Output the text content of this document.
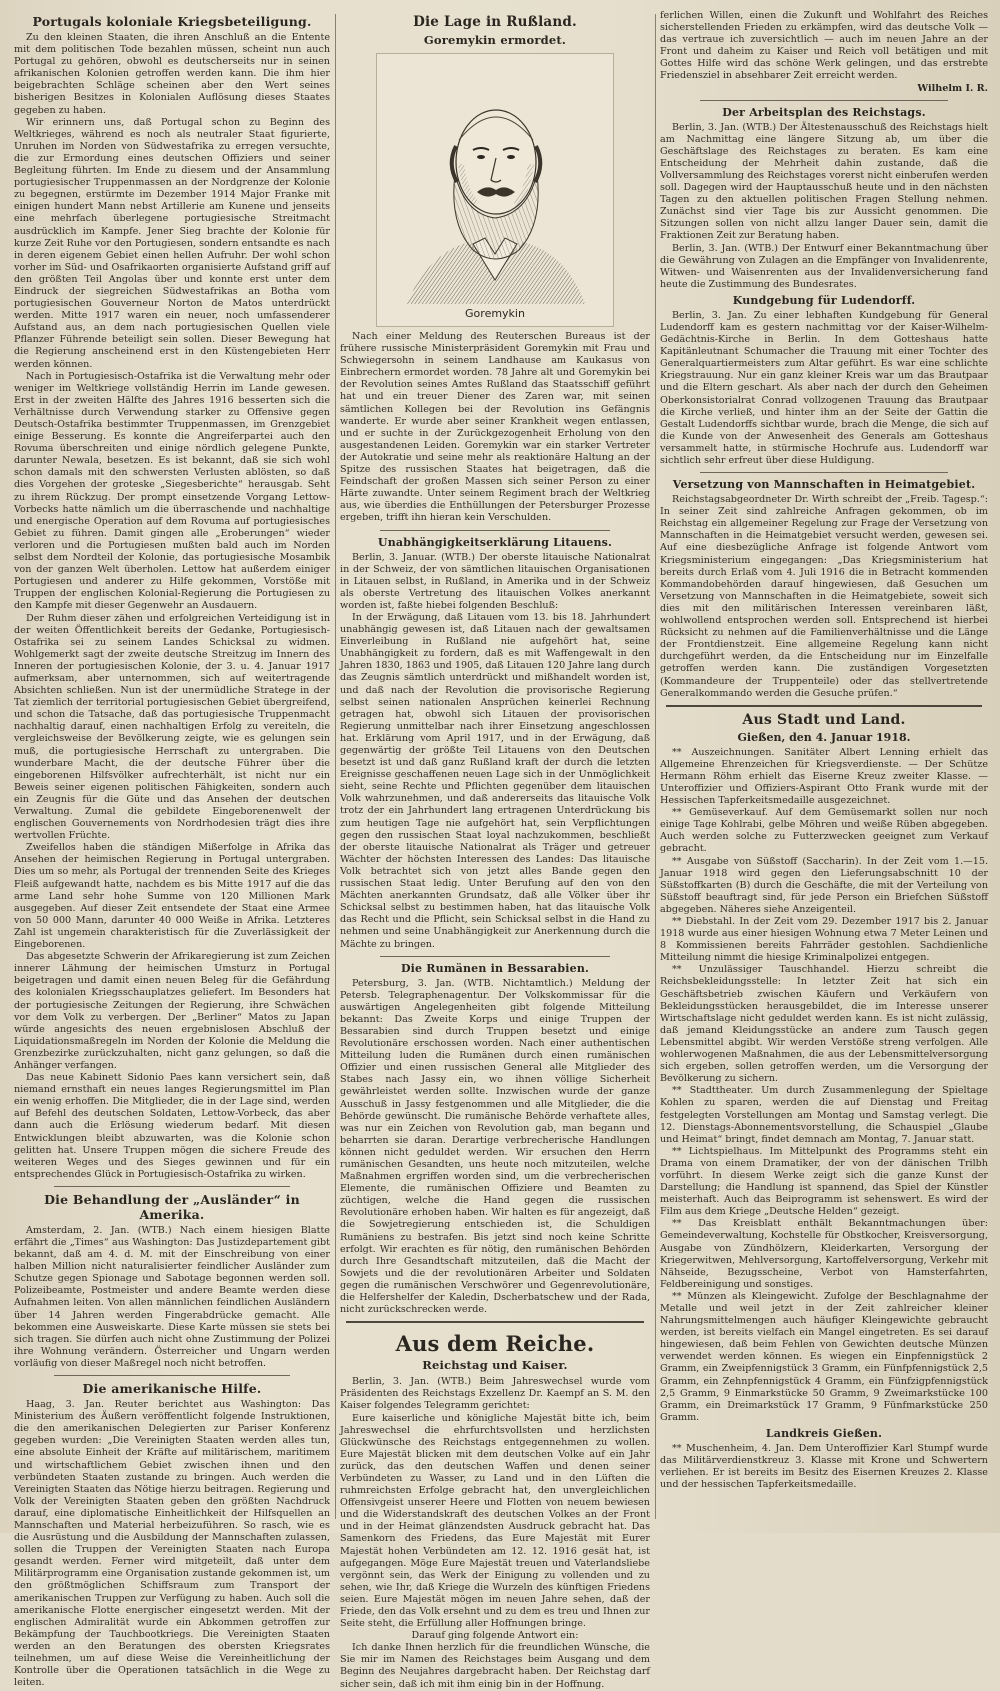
Portugals koloniale Kriegsbeteiligung.

Zu den kleinen Staaten, die ihren Anschluß an die Entente mit dem politischen Tode bezahlen müssen, scheint nun auch Portugal zu gehören, obwohl es deutscherseits nur in seinen afrikanischen Kolonien getroffen werden kann. Die ihm hier beigebrachten Schläge scheinen aber den Wert seines bisherigen Besitzes in Kolonialen Auflösung dieses Staates gegeben zu haben.

Wir erinnern uns, daß Portugal schon zu Beginn des Weltkrieges, während es noch als neutraler Staat figurierte, Unruhen im Norden von Südwestafrika zu erregen versuchte, die zur Ermordung eines deutschen Offiziers und seiner Begleitung führten. Im Ende zu diesem und der Ansammlung portugiesischer Truppenmassen an der Nordgrenze der Kolonie zu begegnen, erstürmte im Dezember 1914 Major Franke mit einigen hundert Mann nebst Artillerie am Kunene und jenseits eine mehrfach überlegene portugiesische Streitmacht ausdrücklich im Kampfe. Jener Sieg brachte der Kolonie für kurze Zeit Ruhe vor den Portugiesen, sondern entsandte es nach in deren eigenem Gebiet einen hellen Aufruhr. Der wohl schon vorher im Süd- und Osafrikaorten organisierte Aufstand griff auf den größten Teil Angolas über und konnte erst unter dem Eindruck der siegreichen Südwestafrikas an Botha vom portugiesischen Gouverneur Norton de Matos unterdrückt werden. Mitte 1917 waren ein neuer, noch umfassenderer Aufstand aus, an dem nach portugiesischen Quellen viele Pflanzer Führende beteiligt sein sollen. Dieser Bewegung hat die Regierung anscheinend erst in den Küstengebieten Herr werden können.

Nach in Portugiesisch-Ostafrika ist die Verwaltung mehr oder weniger im Weltkriege vollständig Herrin im Lande gewesen. Erst in der zweiten Hälfte des Jahres 1916 besserten sich die Verhältnisse durch Verwendung starker zu Offensive gegen Deutsch-Ostafrika bestimmter Truppenmassen, im Grenzgebiet einige Besserung. Es konnte die Angreiferpartei auch den Rovuma überschreiten und einige nördlich gelegene Punkte, darunter Newala, besetzen. Es ist bekannt, daß sie sich wohl schon damals mit den schwersten Verlusten ablösten, so daß dies Vorgehen der groteske „Siegesberichte“ herausgab. Seht zu ihrem Rückzug. Der prompt einsetzende Vorgang Lettow-Vorbecks hatte nämlich um die überraschende und nachhaltige und energische Operation auf dem Rovuma auf portugiesisches Gebiet zu führen. Damit gingen alle „Eroberungen“ wieder verloren und die Portugiesen mußten bald auch im Norden selbst dem Nordteil der Kolonie, das portugiesische Mosambik von der ganzen Welt überholen. Lettow hat außerdem einiger Portugiesen und anderer zu Hilfe gekommen, Vorstöße mit Truppen der englischen Kolonial-Regierung die Portugiesen zu den Kampfe mit dieser Gegenwehr an Ausdauern.

Der Ruhm dieser zähen und erfolgreichen Verteidigung ist in der weiten Öffentlichkeit bereits der Gedanke, Portugiesisch-Ostafrika sei zu seinem Landes Schicksal zu widmen. Wohlgemerkt sagt der zweite deutsche Streitzug im Innern des Inneren der portugiesischen Kolonie, der 3. u. 4. Januar 1917 aufmerksam, aber unternommen, sich auf weitertragende Absichten schließen. Nun ist der unermüdliche Stratege in der Tat ziemlich der territorial portugiesischen Gebiet übergreifend, und schon die Tatsache, daß das portugiesische Truppenmacht nachhaltig darauf, einen nachhaltigen Erfolg zu vereiteln, die vergleichsweise der Bevölkerung zeigte, wie es gelungen sein muß, die portugiesische Herrschaft zu untergraben. Die wunderbare Macht, die der deutsche Führer über die eingeborenen Hilfsvölker aufrechterhält, ist nicht nur ein Beweis seiner eigenen politischen Fähigkeiten, sondern auch ein Zeugnis für die Güte und das Ansehen der deutschen Verwaltung. Zumal die gebildete Eingeborenenwelt der englischen Gouvernements von Nordrhodesien trägt dies ihre wertvollen Früchte.

Zweifellos haben die ständigen Mißerfolge in Afrika das Ansehen der heimischen Regierung in Portugal untergraben. Dies um so mehr, als Portugal der trennenden Seite des Krieges Fleiß aufgewandt hatte, nachdem es bis Mitte 1917 auf die das arme Land sehr hohe Summe von 120 Millionen Mark ausgegeben. Auf dieser Zeit entsendete der Staat eine Armee von 50 000 Mann, darunter 40 000 Weiße in Afrika. Letzteres Zahl ist ungemein charakteristisch für die Zuverlässigkeit der Eingeborenen.

Das abgesetzte Schwerin der Afrikaregierung ist zum Zeichen innerer Lähmung der heimischen Umsturz in Portugal beigetragen und damit einen neuen Beleg für die Gefährdung des kolonialen Kriegsschauplatzes geliefert. Im Besonders hat der portugiesische Zeitungen der Regierung, ihre Schwächen vor dem Volk zu verbergen. Der „Berliner“ Matos zu Japan würde angesichts des neuen ergebnislosen Abschluß der Liquidationsmaßregeln im Norden der Kolonie die Meldung die Grenzbezirke zurückzuhalten, nicht ganz gelungen, so daß die Anhänger verfangen.

Das neue Kabinett Sidonio Paes kann versichert sein, daß niemand ernsthaft ein neues langes Regierungsmittel im Plan ein wenig erhoffen. Die Mitglieder, die in der Lage sind, werden auf Befehl des deutschen Soldaten, Lettow-Vorbeck, das aber dann auch die Erlösung wiederum bedarf. Mit diesen Entwicklungen bleibt abzuwarten, was die Kolonie schon gelitten hat. Unsere Truppen mögen die sichere Freude des weiteren Weges und des Sieges gewinnen und für ein entsprechendes Glück in Portugiesisch-Ostafrika zu wirken.

Die Behandlung der „Ausländer“ in Amerika.

Amsterdam, 2. Jan. (WTB.) Nach einem hiesigen Blatte erfährt die „Times“ aus Washington: Das Justizdepartement gibt bekannt, daß am 4. d. M. mit der Einschreibung von einer halben Million nicht naturalisierter feindlicher Ausländer zum Schutze gegen Spionage und Sabotage begonnen werden soll. Polizeibeamte, Postmeister und andere Beamte werden diese Aufnahmen leiten. Von allen männlichen feindlichen Ausländern über 14 Jahren werden Fingerabdrücke gemacht. Alle bekommen eine Ausweiskarte. Diese Karte müssen sie stets bei sich tragen. Sie dürfen auch nicht ohne Zustimmung der Polizei ihre Wohnung verändern. Österreicher und Ungarn werden vorläufig von dieser Maßregel noch nicht betroffen.

Die amerikanische Hilfe.

Haag, 3. Jan. Reuter berichtet aus Washington: Das Ministerium des Äußern veröffentlicht folgende Instruktionen, die den amerikanischen Delegierten zur Pariser Konferenz gegeben wurden: „Die Vereinigten Staaten werden alles tun, eine absolute Einheit der Kräfte auf militärischem, maritimem und wirtschaftlichem Gebiet zwischen ihnen und den verbündeten Staaten zustande zu bringen. Auch werden die Vereinigten Staaten das Nötige hierzu beitragen. Regierung und Volk der Vereinigten Staaten geben den größten Nachdruck darauf, eine diplomatische Einheitlichkeit der Hilfsquellen an Mannschaften und Material herbeizuführen. So rasch, wie es die Ausrüstung und die Ausbildung der Mannschaften zulassen, sollen die Truppen der Vereinigten Staaten nach Europa gesandt werden. Ferner wird mitgeteilt, daß unter dem Militärprogramm eine Organisation zustande gekommen ist, um den größtmöglichen Schiffsraum zum Transport der amerikanischen Truppen zur Verfügung zu haben. Auch soll die amerikanische Flotte energischer eingesetzt werden. Mit der englischen Admiralität wurde ein Abkommen getroffen zur Bekämpfung der Tauchbootkriegs. Die Vereinigten Staaten werden an den Beratungen des obersten Kriegsrates teilnehmen, um auf diese Weise die Vereinheitlichung der Kontrolle über die Operationen tatsächlich in die Wege zu leiten.

Die Lage in Rußland.
Goremykin ermordet.
Goremykin

Nach einer Meldung des Reuterschen Bureaus ist der frühere russische Ministerpräsident Goremykin mit Frau und Schwiegersohn in seinem Landhause am Kaukasus von Einbrechern ermordet worden. 78 Jahre alt und Goremykin bei der Revolution seines Amtes Rußland das Staatsschiff geführt hat und ein treuer Diener des Zaren war, mit seinen sämtlichen Kollegen bei der Revolution ins Gefängnis wanderte. Er wurde aber seiner Krankheit wegen entlassen, und er suchte in der Zurückgezogenheit Erholung von den ausgestandenen Leiden. Goremykin war ein starker Vertreter der Autokratie und seine mehr als reaktionäre Haltung an der Spitze des russischen Staates hat beigetragen, daß die Feindschaft der großen Massen sich seiner Person zu einer Härte zuwandte. Unter seinem Regiment brach der Weltkrieg aus, wie überdies die Enthüllungen der Petersburger Prozesse ergeben, trifft ihn hieran kein Verschulden.

Unabhängigkeitserklärung Litauens.

Berlin, 3. Januar. (WTB.) Der oberste litauische Nationalrat in der Schweiz, der von sämtlichen litauischen Organisationen in Litauen selbst, in Rußland, in Amerika und in der Schweiz als oberste Vertretung des litauischen Volkes anerkannt worden ist, faßte hiebei folgenden Beschluß:

In der Erwägung, daß Litauen vom 13. bis 18. Jahrhundert unabhängig gewesen ist, daß Litauen nach der gewaltsamen Einverleibung in Rußland nie aufgehört hat, seine Unabhängigkeit zu fordern, daß es mit Waffengewalt in den Jahren 1830, 1863 und 1905, daß Litauen 120 Jahre lang durch das Zeugnis sämtlich unterdrückt und mißhandelt worden ist, und daß nach der Revolution die provisorische Regierung selbst seinen nationalen Ansprüchen keinerlei Rechnung getragen hat, obwohl sich Litauen der provisorischen Regierung unmittelbar nach ihrer Einsetzung angeschlossen hat. Erklärung vom April 1917, und in der Erwägung, daß gegenwärtig der größte Teil Litauens von den Deutschen besetzt ist und daß ganz Rußland kraft der durch die letzten Ereignisse geschaffenen neuen Lage sich in der Unmöglichkeit sieht, seine Rechte und Pflichten gegenüber dem litauischen Volk wahrzunehmen, und daß andererseits das litauische Volk trotz der ein Jahrhundert lang ertragenen Unterdrückung bis zum heutigen Tage nie aufgehört hat, sein Verpflichtungen gegen den russischen Staat loyal nachzukommen, beschließt der oberste litauische Nationalrat als Träger und getreuer Wächter der höchsten Interessen des Landes: Das litauische Volk betrachtet sich von jetzt alles Bande gegen den russischen Staat ledig. Unter Berufung auf den von den Mächten anerkannten Grundsatz, daß alle Völker über ihr Schicksal selbst zu bestimmen haben, hat das litauische Volk das Recht und die Pflicht, sein Schicksal selbst in die Hand zu nehmen und seine Unabhängigkeit zur Anerkennung durch die Mächte zu bringen.

Die Rumänen in Bessarabien.

Petersburg, 3. Jan. (WTB. Nichtamtlich.) Meldung der Petersb. Telegraphenagentur. Der Volkskommissar für die auswärtigen Angelegenheiten gibt folgende Mitteilung bekannt: Das Zweite Korps und einige Truppen der Bessarabien sind durch Truppen besetzt und einige Revolutionäre erschossen worden. Nach einer authentischen Mitteilung luden die Rumänen durch einen rumänischen Offizier und einen russischen General alle Mitglieder des Stabes nach Jassy ein, wo ihnen völlige Sicherheit gewährleistet werden sollte. Inzwischen wurde der ganze Ausschuß in Jassy festgenommen und alle Mitglieder, die die Behörde gewünscht. Die rumänische Behörde verhaftete alles, was nur ein Zeichen von Revolution gab, man begann und beharrten sie daran. Derartige verbrecherische Handlungen können nicht geduldet werden. Wir ersuchen den Herrn rumänischen Gesandten, uns heute noch mitzuteilen, welche Maßnahmen ergriffen worden sind, um die verbrecherischen Elemente, die rumänischen Offiziere und Beamten zu züchtigen, welche die Hand gegen die russischen Revolutionäre erhoben haben. Wir halten es für angezeigt, daß die Sowjetregierung entschieden ist, die Schuldigen Rumäniens zu bestrafen. Bis jetzt sind noch keine Schritte erfolgt. Wir erachten es für nötig, den rumänischen Behörden durch Ihre Gesandtschaft mitzuteilen, daß die Macht der Sowjets und die der revolutionären Arbeiter und Soldaten gegen die rumänischen Verschwörer und Gegenrevolutionäre, die Helfershelfer der Kaledin, Dscherbatschew und der Rada, nicht zurückschrecken werde.

Aus dem Reiche.
Reichstag und Kaiser.

Berlin, 3. Jan. (WTB.) Beim Jahreswechsel wurde vom Präsidenten des Reichstags Exzellenz Dr. Kaempf an S. M. den Kaiser folgendes Telegramm gerichtet:

Eure kaiserliche und königliche Majestät bitte ich, beim Jahreswechsel die ehrfurchtsvollsten und herzlichsten Glückwünsche des Reichstags entgegennehmen zu wollen. Eure Majestät blicken mit dem deutschen Volke auf ein Jahr zurück, das den deutschen Waffen und denen seiner Verbündeten zu Wasser, zu Land und in den Lüften die ruhmreichsten Erfolge gebracht hat, den unvergleichlichen Offensivgeist unserer Heere und Flotten von neuem bewiesen und die Widerstandskraft des deutschen Volkes an der Front und in der Heimat glänzendsten Ausdruck gebracht hat. Das Samenkorn des Friedens, das Eure Majestät mit Eurer Majestät hohen Verbündeten am 12. 12. 1916 gesät hat, ist aufgegangen. Möge Eure Majestät treuen und Vaterlandsliebe vergönnt sein, das Werk der Einigung zu vollenden und zu sehen, wie Ihr, daß Kriege die Wurzeln des künftigen Friedens seien. Eure Majestät mögen im neuen Jahre sehen, daß der Friede, den das Volk ersehnt und zu dem es treu und Ihnen zur Seite steht, die Erfüllung aller Hoffnungen bringe.

Darauf ging folgende Antwort ein:

Ich danke Ihnen herzlich für die freundlichen Wünsche, die Sie mir im Namen des Reichstages beim Ausgang und dem Beginn des Neujahres dargebracht haben. Der Reichstag darf sicher sein, daß ich mit ihm einig bin in der Hoffnung.

ferlichen Willen, einen die Zukunft und Wohlfahrt des Reiches sicherstellenden Frieden zu erkämpfen, wird das deutsche Volk — das vertraue ich zuversichtlich — auch im neuen Jahre an der Front und daheim zu Kaiser und Reich voll betätigen und mit Gottes Hilfe wird das schöne Werk gelingen, und das erstrebte Friedensziel in absehbarer Zeit erreicht werden.

Wilhelm I. R.

Der Arbeitsplan des Reichstags.

Berlin, 3. Jan. (WTB.) Der Ältestenausschuß des Reichstags hielt am Nachmittag eine längere Sitzung ab, um über die Geschäftslage des Reichstages zu beraten. Es kam eine Entscheidung der Mehrheit dahin zustande, daß die Vollversammlung des Reichstages vorerst nicht einberufen werden soll. Dagegen wird der Hauptausschuß heute und in den nächsten Tagen zu den aktuellen politischen Fragen Stellung nehmen. Zunächst sind vier Tage bis zur Aussicht genommen. Die Sitzungen sollen von nicht allzu langer Dauer sein, damit die Fraktionen Zeit zur Beratung haben.

Berlin, 3. Jan. (WTB.) Der Entwurf einer Bekanntmachung über die Gewährung von Zulagen an die Empfänger von Invalidenrente, Witwen- und Waisenrenten aus der Invalidenversicherung fand heute die Zustimmung des Bundesrates.

Kundgebung für Ludendorff.

Berlin, 3. Jan. Zu einer lebhaften Kundgebung für General Ludendorff kam es gestern nachmittag vor der Kaiser-Wilhelm-Gedächtnis-Kirche in Berlin. In dem Gotteshaus hatte Kapitänleutnant Schumacher die Trauung mit einer Tochter des Generalquartiermeisters zum Altar geführt. Es war eine schlichte Kriegstrauung. Nur ein ganz kleiner Kreis war um das Brautpaar und die Eltern geschart. Als aber nach der durch den Geheimen Oberkonsistorialrat Conrad vollzogenen Trauung das Brautpaar die Kirche verließ, und hinter ihm an der Seite der Gattin die Gestalt Ludendorffs sichtbar wurde, brach die Menge, die sich auf die Kunde von der Anwesenheit des Generals am Gotteshaus versammelt hatte, in stürmische Hochrufe aus. Ludendorff war sichtlich sehr erfreut über diese Huldigung.

Versetzung von Mannschaften in Heimatgebiet.

Reichstagsabgeordneter Dr. Wirth schreibt der „Freib. Tagesp.“: In seiner Zeit sind zahlreiche Anfragen gekommen, ob im Reichstag ein allgemeiner Regelung zur Frage der Versetzung von Mannschaften in die Heimatgebiet versucht werden, gewesen sei. Auf eine diesbezügliche Anfrage ist folgende Antwort vom Kriegsministerium eingegangen: „Das Kriegsministerium hat bereits durch Erlaß vom 4. Juli 1916 die in Betracht kommenden Kommandobehörden darauf hingewiesen, daß Gesuchen um Versetzung von Mannschaften in die Heimatgebiete, soweit sich dies mit den militärischen Interessen vereinbaren läßt, wohlwollend entsprochen werden soll. Entsprechend ist hierbei Rücksicht zu nehmen auf die Familienverhältnisse und die Länge der Frontdienstzeit. Eine allgemeine Regelung kann nicht durchgeführt werden, da die Entscheidung nur im Einzelfalle getroffen werden kann. Die zuständigen Vorgesetzten (Kommandeure der Truppenteile) oder das stellvertretende Generalkommando werden die Gesuche prüfen.“

Aus Stadt und Land.
Gießen, den 4. Januar 1918.

** Auszeichnungen. Sanitäter Albert Lenning erhielt das Allgemeine Ehrenzeichen für Kriegsverdienste. — Der Schütze Hermann Röhm erhielt das Eiserne Kreuz zweiter Klasse. — Unteroffizier und Offiziers-Aspirant Otto Frank wurde mit der Hessischen Tapferkeitsmedaille ausgezeichnet.

** Gemüseverkauf. Auf dem Gemüsemarkt sollen nur noch einige Tage Kohlrabi, gelbe Möhren und weiße Rüben abgegeben. Auch werden solche zu Futterzwecken geeignet zum Verkauf gebracht.

** Ausgabe von Süßstoff (Saccharin). In der Zeit vom 1.—15. Januar 1918 wird gegen den Lieferungsabschnitt 10 der Süßstoffkarten (B) durch die Geschäfte, die mit der Verteilung von Süßstoff beauftragt sind, für jede Person ein Briefchen Süßstoff abgegeben. Näheres siehe Anzeigenteil.

** Diebstahl. In der Zeit vom 29. Dezember 1917 bis 2. Januar 1918 wurde aus einer hiesigen Wohnung etwa 7 Meter Leinen und 8 Kommissienen bereits Fahrräder gestohlen. Sachdienliche Mitteilung nimmt die hiesige Kriminalpolizei entgegen.

** Unzulässiger Tauschhandel. Hierzu schreibt die Reichsbekleidungsstelle: In letzter Zeit hat sich ein Geschäftsbetrieb zwischen Käufern und Verkäufern von Bekleidungsstücken herausgebildet, die im Interesse unserer Wirtschaftslage nicht geduldet werden kann. Es ist nicht zulässig, daß jemand Kleidungsstücke an andere zum Tausch gegen Lebensmittel abgibt. Wir werden Verstöße streng verfolgen. Alle wohlerwogenen Maßnahmen, die aus der Lebensmittelversorgung sich ergeben, sollen getroffen werden, um die Versorgung der Bevölkerung zu sichern.

** Stadttheater. Um durch Zusammenlegung der Spieltage Kohlen zu sparen, werden die auf Dienstag und Freitag festgelegten Vorstellungen am Montag und Samstag verlegt. Die 12. Dienstags-Abonnementsvorstellung, die Schauspiel „Glaube und Heimat“ bringt, findet demnach am Montag, 7. Januar statt.

** Lichtspielhaus. Im Mittelpunkt des Programms steht ein Drama von einem Dramatiker, der von der dänischen Trilbh vorführt. In diesem Werke zeigt sich die ganze Kunst der Darstellung; die Handlung ist spannend, das Spiel der Künstler meisterhaft. Auch das Beiprogramm ist sehenswert. Es wird der Film aus dem Kriege „Deutsche Helden“ gezeigt.

** Das Kreisblatt enthält Bekanntmachungen über: Gemeindeverwaltung, Kochstelle für Obstkocher, Kreisversorgung, Ausgabe von Zündhölzern, Kleiderkarten, Versorgung der Kriegerwitwen, Mehlversorgung, Kartoffelversorgung, Verkehr mit Nähseide, Bezugsscheine, Verbot von Hamsterfahrten, Feldbereinigung und sonstiges.

** Münzen als Kleingewicht. Zufolge der Beschlagnahme der Metalle und weil jetzt in der Zeit zahlreicher kleiner Nahrungsmittelmengen auch häufiger Kleingewichte gebraucht werden, ist bereits vielfach ein Mangel eingetreten. Es sei darauf hingewiesen, daß beim Fehlen von Gewichten deutsche Münzen verwendet werden können. Es wiegen ein Einpfennigstück 2 Gramm, ein Zweipfennigstück 3 Gramm, ein Fünfpfennigstück 2,5 Gramm, ein Zehnpfennigstück 4 Gramm, ein Fünfzigpfennigstück 2,5 Gramm, 9 Einmarkstücke 50 Gramm, 9 Zweimarkstücke 100 Gramm, ein Dreimarkstück 17 Gramm, 9 Fünfmarkstücke 250 Gramm.

Landkreis Gießen.

** Muschenheim, 4. Jan. Dem Unteroffizier Karl Stumpf wurde das Militärverdienstkreuz 3. Klasse mit Krone und Schwertern verliehen. Er ist bereits im Besitz des Eisernen Kreuzes 2. Klasse und der hessischen Tapferkeitsmedaille.
